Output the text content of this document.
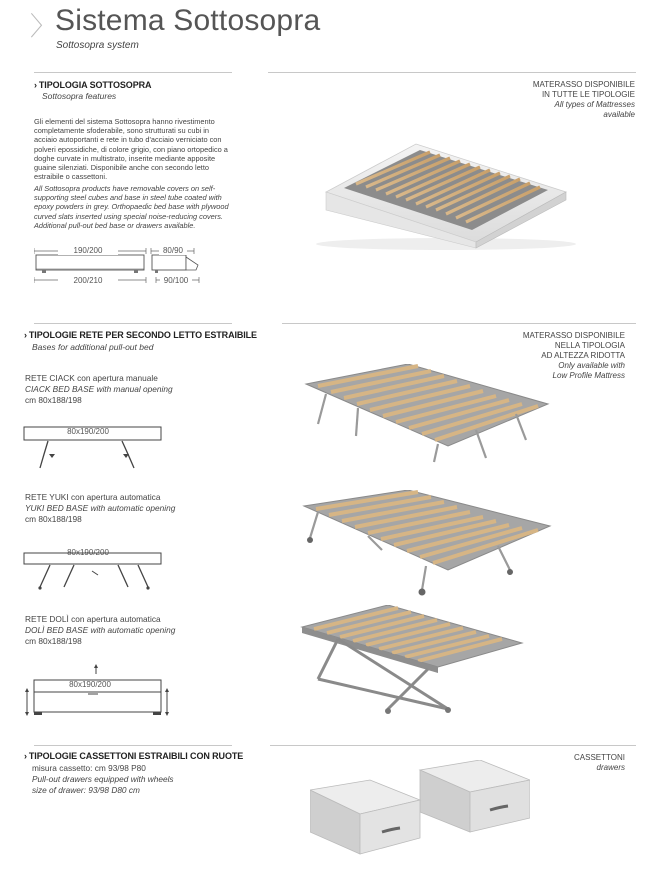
〉
Sistema Sottosopra
Sottosopra system
› TIPOLOGIA SOTTOSOPRA
Sottosopra features
Gli elementi del sistema Sottosopra hanno rivestimento completamente sfoderabile, sono strutturati su cubi in acciaio autoportanti e rete in tubo d'acciaio verniciato con polveri epossidiche, di colore grigio, con piano ortopedico a doghe curvate in multistrato, inserite mediante apposite guaine silenziati. Disponibile anche con secondo letto estraibile o cassettoni.
All Sottosopra products have removable covers on self-supporting steel cubes and base in steel tube coated with epoxy powders in grey. Orthopaedic bed base with plywood curved slats inserted using special noise-reducing covers. Additional pull-out bed base or drawers available.
190/200
200/210
80/90
90/100
MATERASSO DISPONIBILE
IN TUTTE LE TIPOLOGIE
All types of Mattresses
available
› TIPOLOGIE RETE PER SECONDO LETTO ESTRAIBILE
Bases for additional pull-out bed
MATERASSO DISPONIBILE
NELLA TIPOLOGIA
AD ALTEZZA RIDOTTA
Only available with
Low Profile Mattress
RETE CIACK con apertura manuale
CIACK BED BASE with manual opening
cm 80x188/198
80x190/200
RETE YUKI con apertura automatica
YUKI BED BASE with automatic opening
cm 80x188/198
80x190/200
RETE DOLÌ con apertura automatica
DOLÌ BED BASE with automatic opening
cm 80x188/198
80x190/200
› TIPOLOGIE CASSETTONI ESTRAIBILI CON RUOTE
misura cassetto: cm 93/98 P80
Pull-out drawers equipped with wheels
size of drawer: 93/98 D80 cm
CASSETTONI
drawers
